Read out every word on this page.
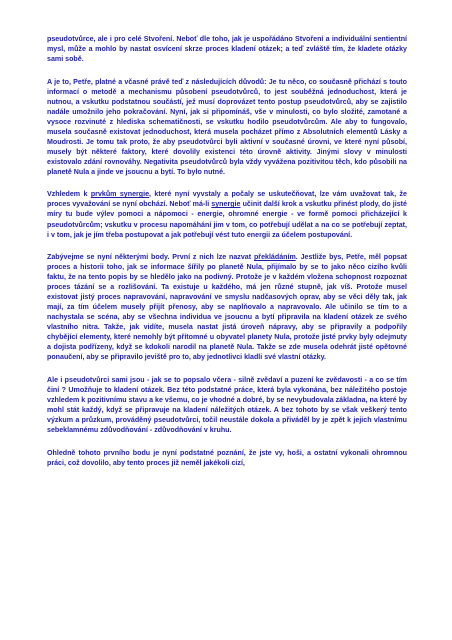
pseudotvůrce, ale i pro celé Stvoření. Neboť dle toho, jak je uspořádáno Stvoření a individuální sentientní mysl, může a mohlo by nastat osvícení skrze proces kladení otázek; a teď zvláště tím, že kladete otázky sami sobě.

A je to, Petře, platné a včasné právě teď z následujících důvodů: Je tu něco, co současně přichází s touto informací o metodě a mechanismu působení pseudotvůrců, to jest souběžná jednoduchost, která je nutnou, a vskutku podstatnou součástí, jež musí doprovázet tento postup pseudotvůrců, aby se zajistilo nadále umožnilo jeho pokračování. Nyní, jak si připomínáš, vše v minulosti, co bylo složité, zamotané a vysoce rozvinuté z hlediska schematičnosti, se vskutku hodilo pseudotvůrcům. Ale aby to fungovalo, musela současně existovat jednoduchost, která musela pocházet přímo z Absolutních elementů Lásky a Moudrosti. Je tomu tak proto, že aby pseudotvůrci byli aktivní v současné úrovni, ve které nyní působí, musely být některé faktory, které dovolily existenci této úrovně aktivity. Jinými slovy v minulosti existovalo zdání rovnováhy. Negativita pseudotvůrců byla vždy vyvážena pozitivitou těch, kdo působili na planetě Nula a jinde ve jsoucnu a bytí. To bylo nutné.

Vzhledem k prvkům synergie, které nyní vyvstaly a počaly se uskutečňovat, lze vám uvažovat tak, že proces vyvažování se nyní obchází. Neboť má-li synergie učinit další krok a vskutku přinést plody, do jisté míry tu bude výlev pomoci a nápomoci - energie, ohromné energie - ve formě pomoci přicházející k pseudotvůrcům; vskutku v procesu napomáhání jim v tom, co potřebují udělat a na co se potřebují zeptat, i v tom, jak je jím třeba postupovat a jak potřebují vést tuto energii za účelem postupování.

Zabývejme se nyní některými body. První z nich lze nazvat překládáním. Jestliže bys, Petře, měl popsat proces a historii toho, jak se informace šířily po planetě Nula, přijímalo by se to jako něco cizího kvůli faktu, že na tento popis by se hledělo jako na podivný. Protože je v každém vložena schopnost rozpoznat proces tázání se a rozlišování. Ta existuje u každého, má jen různé stupně, jak víš. Protože musel existovat jistý proces napravování, napravování ve smyslu nadčasových oprav, aby se věci děly tak, jak mají, za tím účelem musely přijít přenosy, aby se naplňovalo a napravovalo. Ale učinilo se tím to a nachystala se scéna, aby se všechna individua ve jsoucnu a bytí připravila na kladení otázek ze svého vlastního nitra. Takže, jak vidíte, musela nastat jistá úroveň nápravy, aby se připravily a podpořily chybějící elementy, které nemohly být přítomné u obyvatel planety Nula, protože jisté prvky byly odejmuty a dojista podřízeny, když se kdokoli narodil na planetě Nula. Takže se zde musela odehrát jisté opětovné ponaučení, aby se připravilo jeviště pro to, aby jednotlivci kladli své vlastní otázky.

Ale i pseudotvůrci sami jsou - jak se to popsalo včera - silně zvědaví a puzení ke zvědavosti - a co se tím činí ? Umožňuje to kladení otázek. Bez této podstatné práce, která byla vykonána, bez náležitého postoje vzhledem k pozitivnímu stavu a ke všemu, co je vhodné a dobré, by se nevybudovala základna, na které by mohl stát každý, když se připravuje na kladení náležitých otázek. A bez tohoto by se však veškerý tento výzkum a průzkum, prováděný pseudotvůrci, točil neustále dokola a přiváděl by je zpět k jejich vlastnímu sebeklamnému zdůvodňování - zdůvodňování v kruhu.

Ohledně tohoto prvního bodu je nyní podstatné poznání, že jste vy, hoši, a ostatní vykonali ohromnou práci, což dovolilo, aby tento proces již neměl jakékoli cizí,
